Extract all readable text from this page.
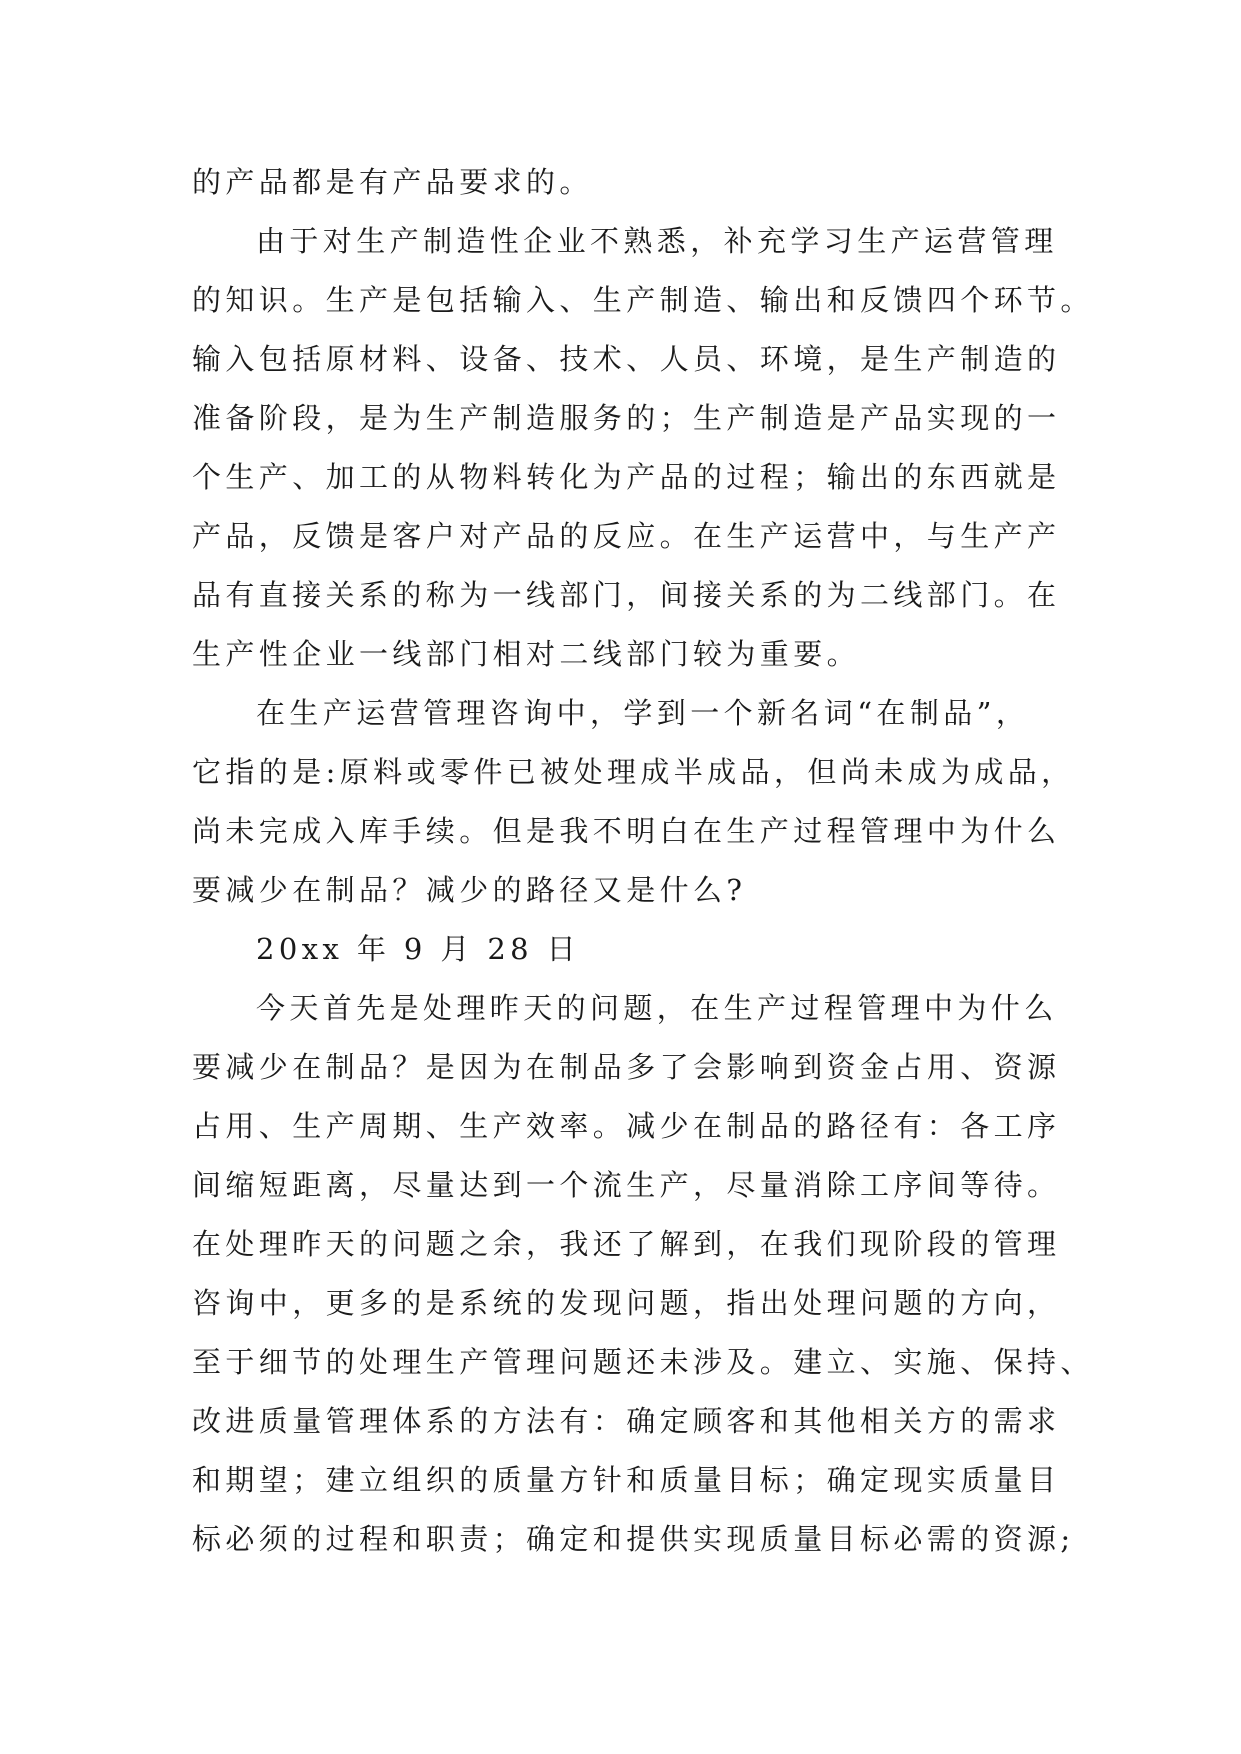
的产品都是有产品要求的。
由于对生产制造性企业不熟悉，补充学习生产运营管理
的知识。生产是包括输入、生产制造、输出和反馈四个环节。
输入包括原材料、设备、技术、人员、环境，是生产制造的
准备阶段，是为生产制造服务的；生产制造是产品实现的一
个生产、加工的从物料转化为产品的过程；输出的东西就是
产品，反馈是客户对产品的反应。在生产运营中，与生产产
品有直接关系的称为一线部门，间接关系的为二线部门。在
生产性企业一线部门相对二线部门较为重要。
在生产运营管理咨询中，学到一个新名词“在制品”，
它指的是:原料或零件已被处理成半成品，但尚未成为成品，
尚未完成入库手续。但是我不明白在生产过程管理中为什么
要减少在制品？减少的路径又是什么?
20xx 年 9 月 28 日
今天首先是处理昨天的问题，在生产过程管理中为什么
要减少在制品？是因为在制品多了会影响到资金占用、资源
占用、生产周期、生产效率。减少在制品的路径有：各工序
间缩短距离，尽量达到一个流生产，尽量消除工序间等待。
在处理昨天的问题之余，我还了解到，在我们现阶段的管理
咨询中，更多的是系统的发现问题，指出处理问题的方向，
至于细节的处理生产管理问题还未涉及。建立、实施、保持、
改进质量管理体系的方法有：确定顾客和其他相关方的需求
和期望；建立组织的质量方针和质量目标；确定现实质量目
标必须的过程和职责；确定和提供实现质量目标必需的资源;
